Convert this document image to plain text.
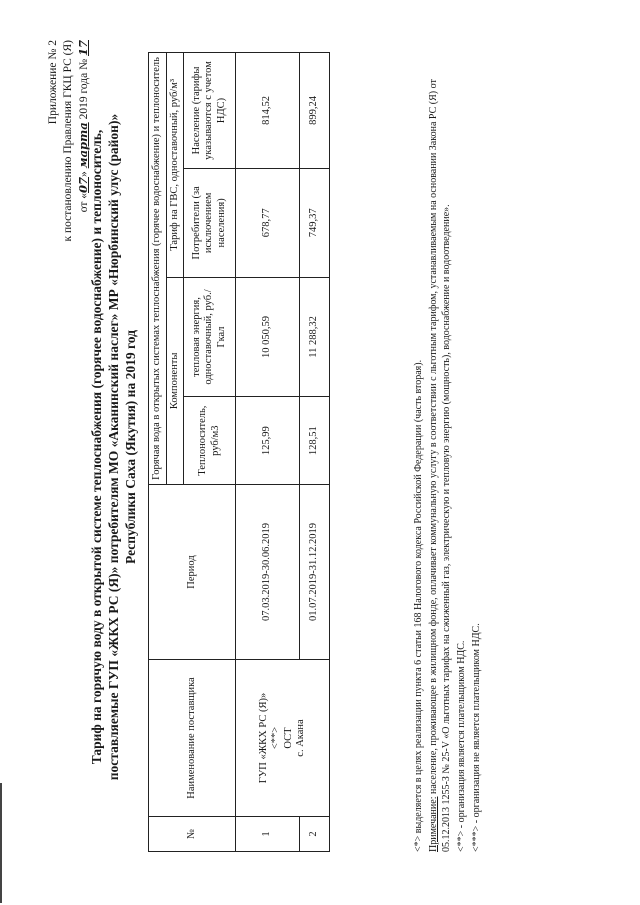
Приложение № 2 к постановлению Правления ГКЦ РС (Я) от «07» марта 2019 года № 17
Тариф на горячую воду в открытой системе теплоснабжения (горячее водоснабжение) и теплоноситель, поставляемые ГУП «ЖКХ РС (Я)» потребителям МО «Аканинский наслег» МР «Нюрбинский улус (район)» Республики Саха (Якутия) на 2019 год
№	Наименование поставщика	Период	Горячая вода в открытых системах теплоснабжения (горячее водоснабжение) и теплоноситель			
			Компоненты		Тариф на ГВС, одноставочный, руб/м³	
			Теплоноситель, руб/м3	тепловая энергия, одноставочный, руб./Гкал	Потребители (за исключением населения)	Население (тарифы указываются с учетом НДС)
1	ГУП «ЖКХ РС (Я)» <**> ОСТ с. Акана	07.03.2019-30.06.2019	125,99	10 050,59	678,77	814,52
2		01.07.2019-31.12.2019	128,51	11 288,32	749,37	899,24

<*> выделяется в целях реализации пункта 6 статьи 168 Налогового кодекса Российской Федерации (часть вторая). Примечание: население, проживающее в жилищном фонде, оплачивает коммунальную услугу в соответствии с льготным тарифом, устанавливаемым на основании Закона РС (Я) от 05.12.2013 1255-З № 25-V «О льготных тарифах на сжиженный газ, электрическую и тепловую энергию (мощность), водоснабжение и водоотведение». <**> - организация является плательщиком НДС. <***> - организация не является плательщиком НДС.
